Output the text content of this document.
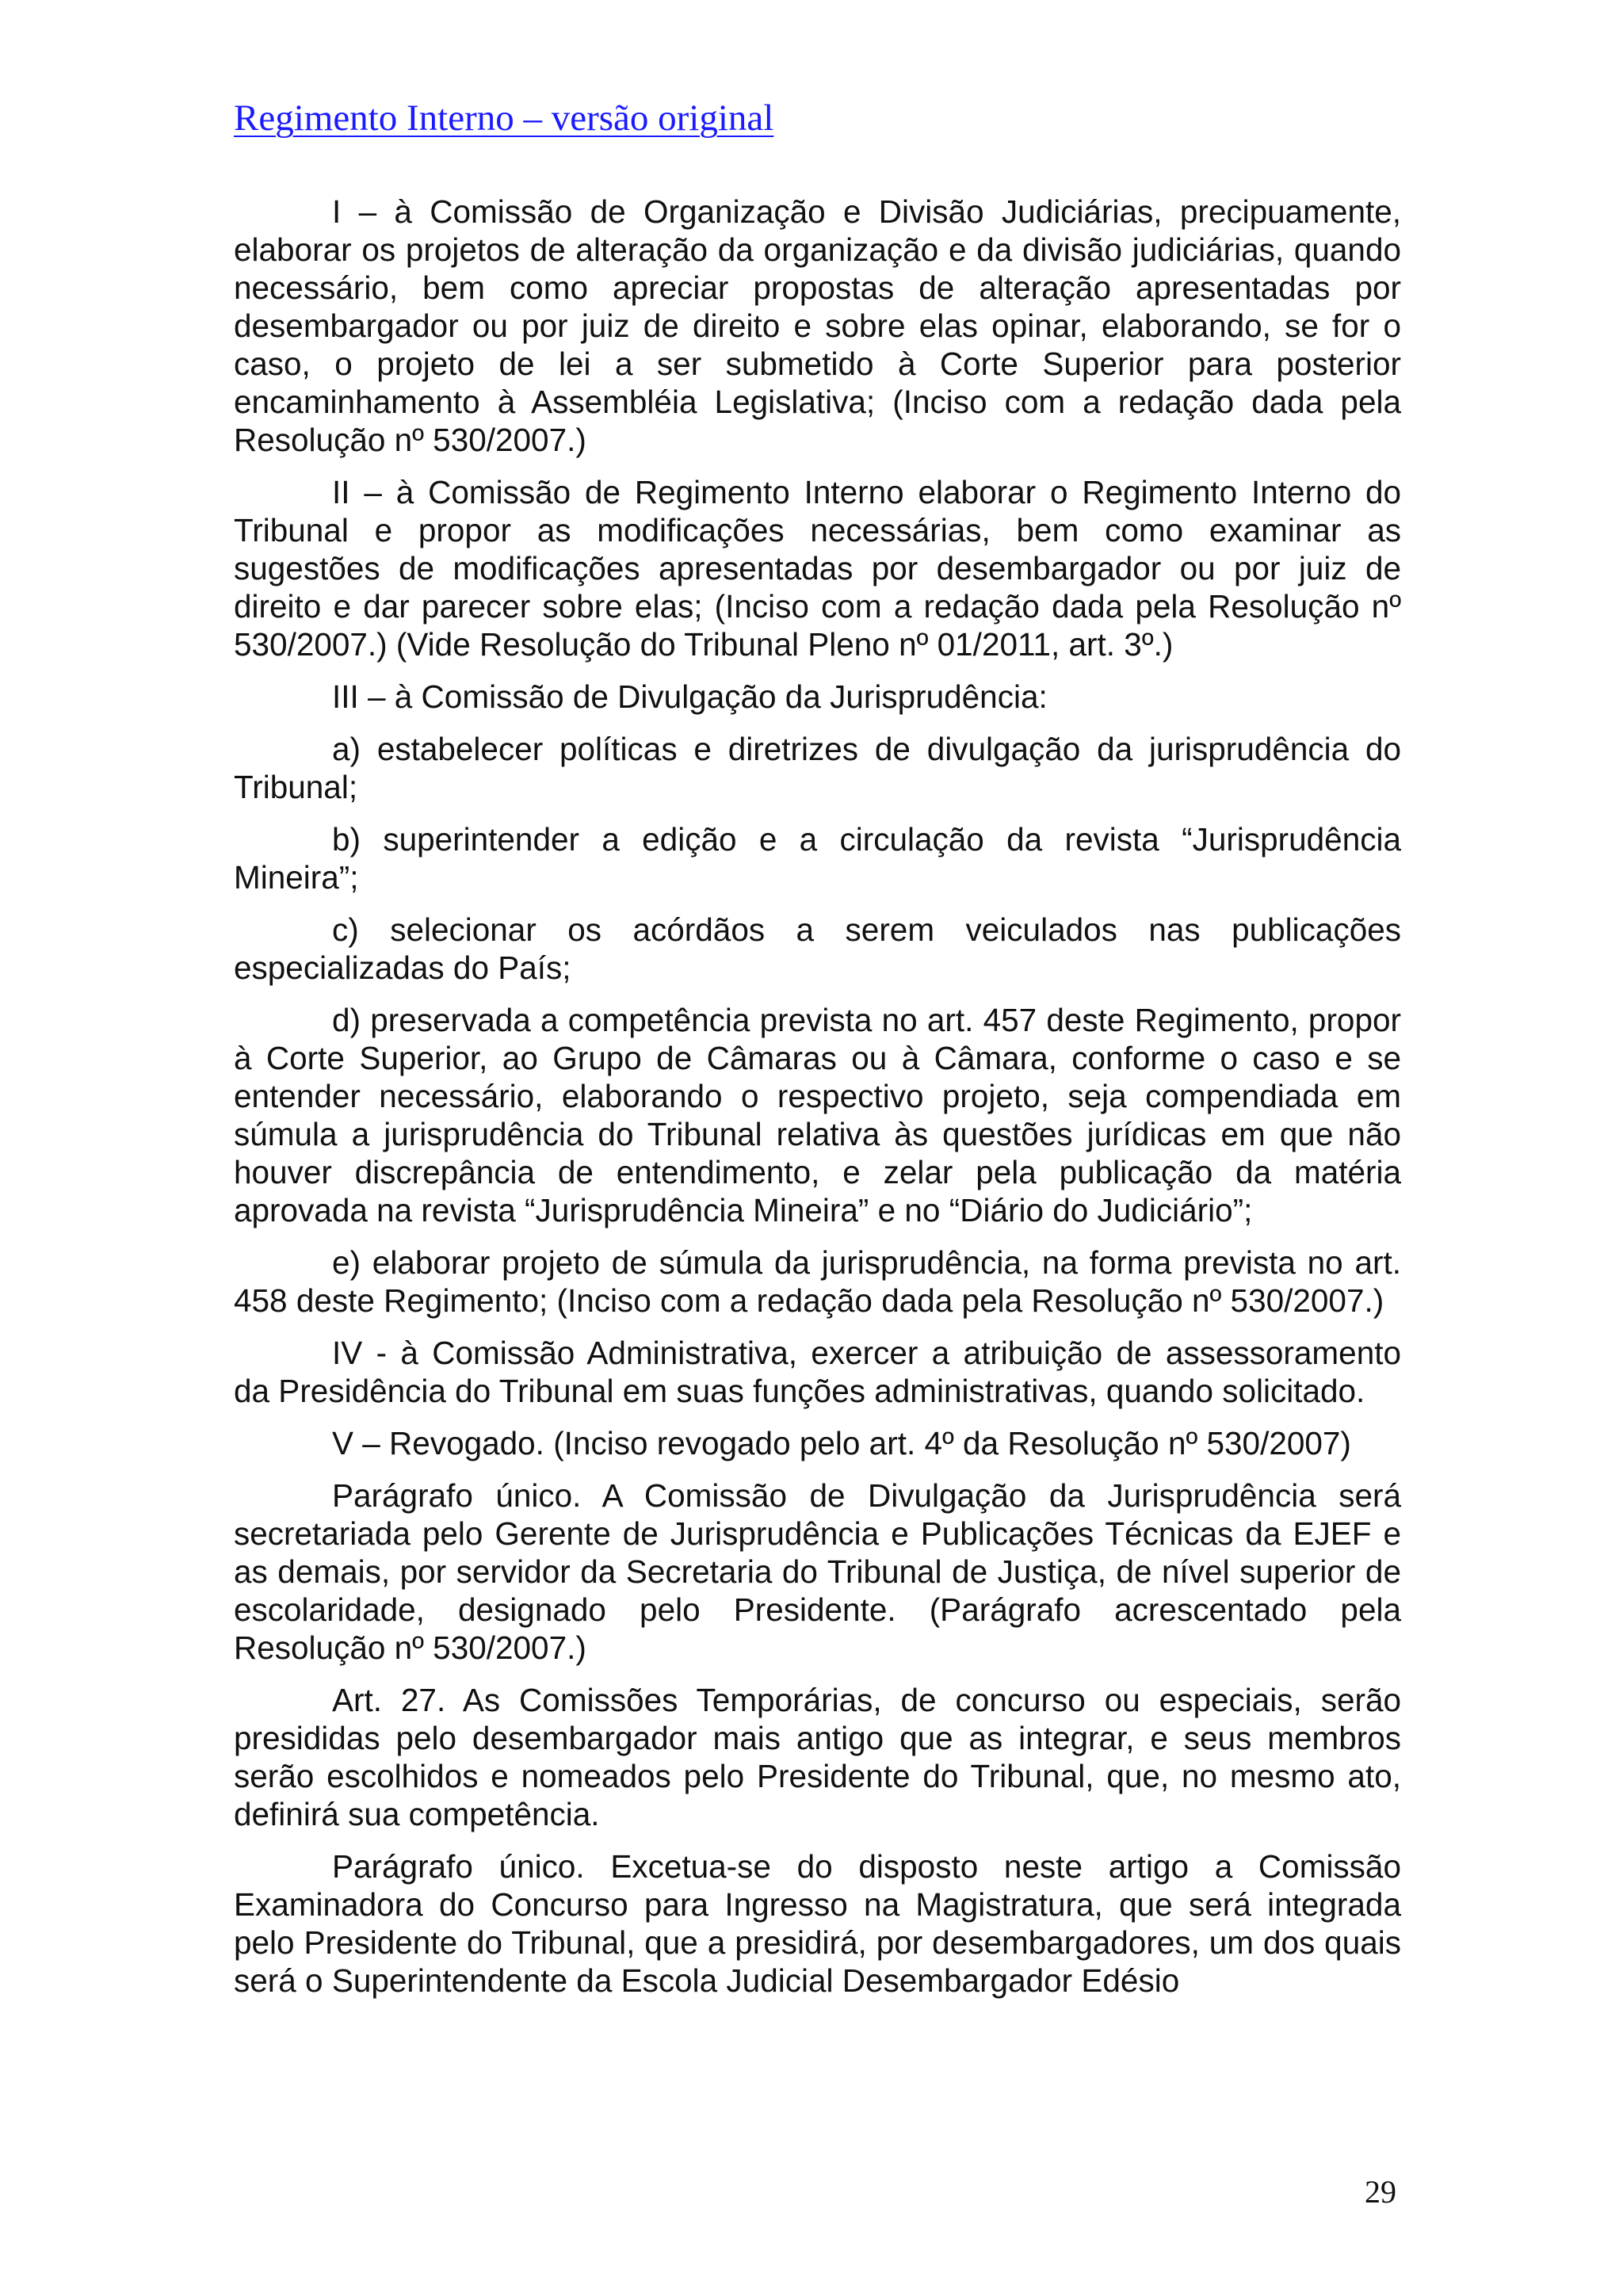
Regimento Interno – versão original

I – à Comissão de Organização e Divisão Judiciárias, precipuamente, elaborar os projetos de alteração da organização e da divisão judiciárias, quando necessário, bem como apreciar propostas de alteração apresentadas por desembargador ou por juiz de direito e sobre elas opinar, elaborando, se for o caso, o projeto de lei a ser submetido à Corte Superior para posterior encaminhamento à Assembléia Legislativa; (Inciso com a redação dada pela Resolução nº 530/2007.)

II – à Comissão de Regimento Interno elaborar o Regimento Interno do Tribunal e propor as modificações necessárias, bem como examinar as sugestões de modificações apresentadas por desembargador ou por juiz de direito e dar parecer sobre elas; (Inciso com a redação dada pela Resolução nº 530/2007.) (Vide Resolução do Tribunal Pleno nº 01/2011, art. 3º.)

III – à Comissão de Divulgação da Jurisprudência:

a) estabelecer políticas e diretrizes de divulgação da jurisprudência do Tribunal;

b) superintender a edição e a circulação da revista “Jurisprudência Mineira”;

c) selecionar os acórdãos a serem veiculados nas publicações especializadas do País;

d) preservada a competência prevista no art. 457 deste Regimento, propor à Corte Superior, ao Grupo de Câmaras ou à Câmara, conforme o caso e se entender necessário, elaborando o respectivo projeto, seja compendiada em súmula a jurisprudência do Tribunal relativa às questões jurídicas em que não houver discrepância de entendimento, e zelar pela publicação da matéria aprovada na revista “Jurisprudência Mineira” e no “Diário do Judiciário”;

e) elaborar projeto de súmula da jurisprudência, na forma prevista no art. 458 deste Regimento; (Inciso com a redação dada pela Resolução nº 530/2007.)

IV - à Comissão Administrativa, exercer a atribuição de assessoramento da Presidência do Tribunal em suas funções administrativas, quando solicitado.

V – Revogado. (Inciso revogado pelo art. 4º da Resolução nº 530/2007)

Parágrafo único. A Comissão de Divulgação da Jurisprudência será secretariada pelo Gerente de Jurisprudência e Publicações Técnicas da EJEF e as demais, por servidor da Secretaria do Tribunal de Justiça, de nível superior de escolaridade, designado pelo Presidente. (Parágrafo acrescentado pela Resolução nº 530/2007.)

Art. 27. As Comissões Temporárias, de concurso ou especiais, serão presididas pelo desembargador mais antigo que as integrar, e seus membros serão escolhidos e nomeados pelo Presidente do Tribunal, que, no mesmo ato, definirá sua competência.

Parágrafo único. Excetua-se do disposto neste artigo a Comissão Examinadora do Concurso para Ingresso na Magistratura, que será integrada pelo Presidente do Tribunal, que a presidirá, por desembargadores, um dos quais será o Superintendente da Escola Judicial Desembargador Edésio

29
